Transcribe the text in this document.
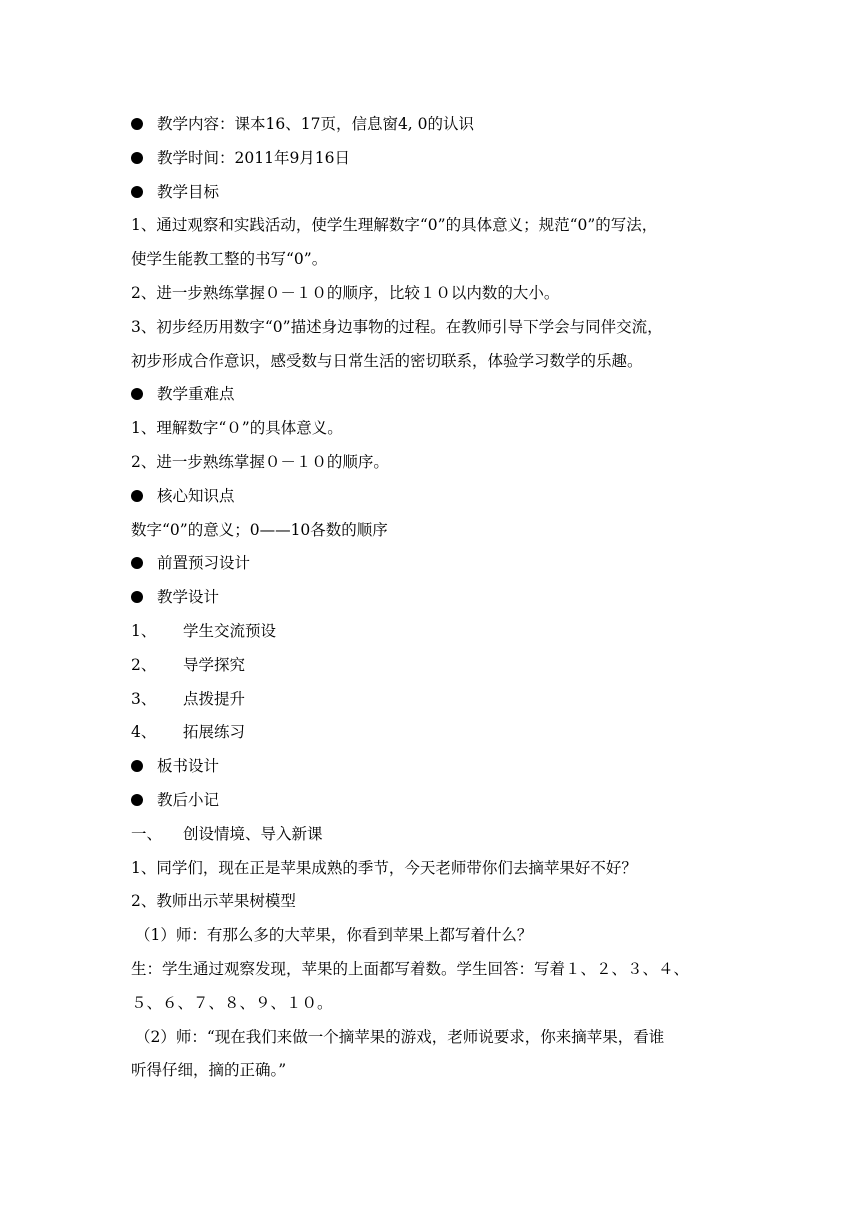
教学内容：课本16、17页，信息窗4, 0的认识
教学时间：2011年9月16日
教学目标
1、通过观察和实践活动，使学生理解数字“0”的具体意义；规范“0”的写法，
使学生能教工整的书写“0”。
2、进一步熟练掌握０－１０的顺序，比较１０以内数的大小。
3、初步经历用数字“0”描述身边事物的过程。在教师引导下学会与同伴交流，
初步形成合作意识，感受数与日常生活的密切联系，体验学习数学的乐趣。
教学重难点
1、理解数字“０”的具体意义。
2、进一步熟练掌握０－１０的顺序。
核心知识点
数字“0”的意义；0——10各数的顺序
前置预习设计
教学设计
1、 学生交流预设
2、 导学探究
3、 点拨提升
4、 拓展练习
板书设计
教后小记
一、 创设情境、导入新课
1、同学们，现在正是苹果成熟的季节，今天老师带你们去摘苹果好不好？
2、教师出示苹果树模型
（1）师：有那么多的大苹果，你看到苹果上都写着什么？
生：学生通过观察发现，苹果的上面都写着数。学生回答：写着１、２、３、４、
５、６、７、８、９、１０。
（2）师：“现在我们来做一个摘苹果的游戏，老师说要求，你来摘苹果，看谁
听得仔细，摘的正确。”
